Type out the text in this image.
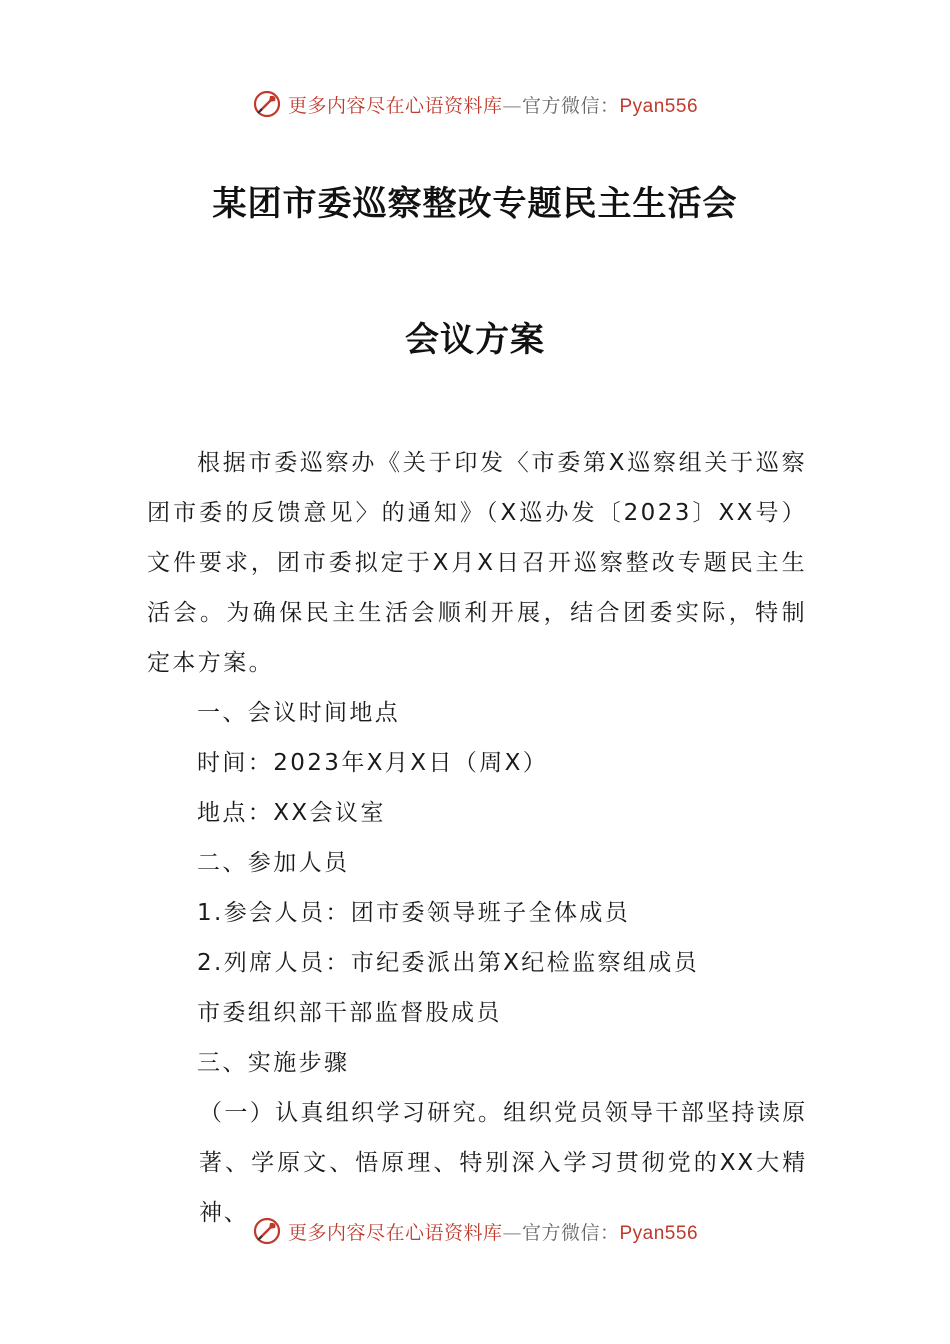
更多内容尽在心语资料库—官方微信：Pyan556
某团市委巡察整改专题民主生活会
会议方案

根据市委巡察办《关于印发〈市委第X巡察组关于巡察团市委的反馈意见〉的通知》（X巡办发〔2023〕XX号）文件要求，团市委拟定于X月X日召开巡察整改专题民主生活会。为确保民主生活会顺利开展，结合团委实际，特制定本方案。

一、会议时间地点

时间：2023年X月X日（周X）

地点：XX会议室

二、参加人员

1.参会人员：团市委领导班子全体成员

2.列席人员：市纪委派出第X纪检监察组成员

市委组织部干部监督股成员

三、实施步骤

（一）认真组织学习研究。组织党员领导干部坚持读原著、学原文、悟原理、特别深入学习贯彻党的XX大精神、

更多内容尽在心语资料库—官方微信：Pyan556
